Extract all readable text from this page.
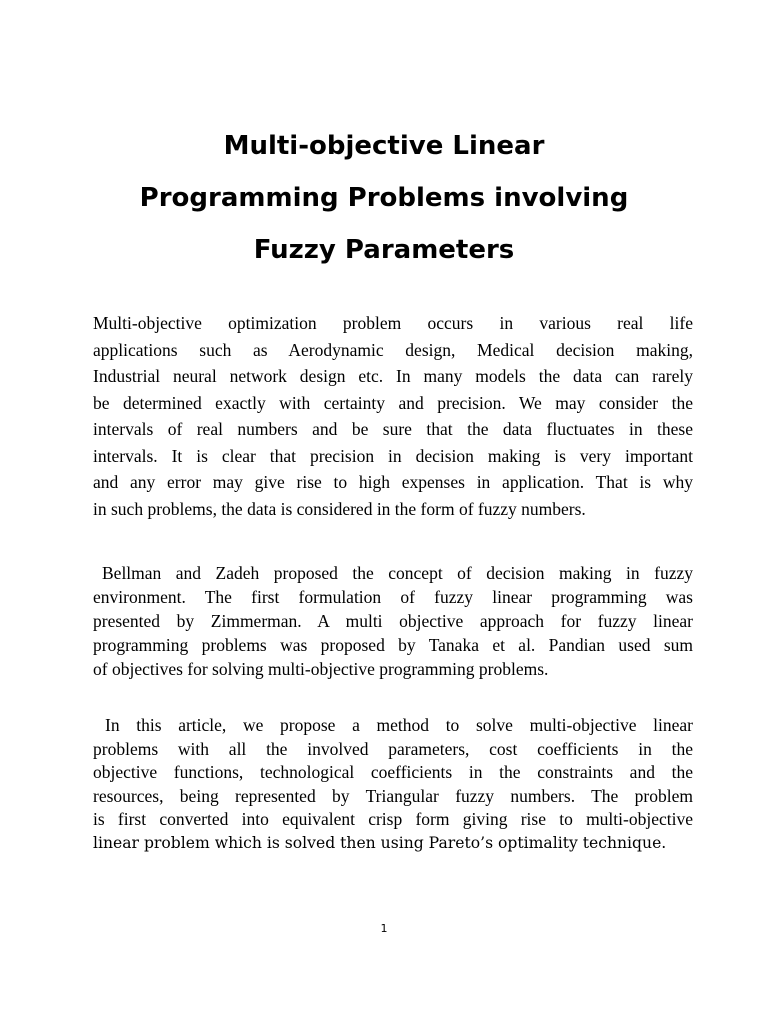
Multi-objective Linear
Programming Problems involving
Fuzzy Parameters
Multi-objective optimization problem occurs in various real life
applications such as Aerodynamic design, Medical decision making,
Industrial neural network design etc. In many models the data can rarely
be determined exactly with certainty and precision. We may consider the
intervals of real numbers and be sure that the data fluctuates in these
intervals. It is clear that precision in decision making is very important
and any error may give rise to high expenses in application. That is why
in such problems, the data is considered in the form of fuzzy numbers.
Bellman and Zadeh proposed the concept of decision making in fuzzy
environment. The first formulation of fuzzy linear programming was
presented by Zimmerman. A multi objective approach for fuzzy linear
programming problems was proposed by Tanaka et al. Pandian used sum
of objectives for solving multi-objective programming problems.
In this article, we propose a method to solve multi-objective linear
problems with all the involved parameters, cost coefficients in the
objective functions, technological coefficients in the constraints and the
resources, being represented by Triangular fuzzy numbers. The problem
is first converted into equivalent crisp form giving rise to multi-objective
linear problem which is solved then using Pareto’s optimality technique.
1
